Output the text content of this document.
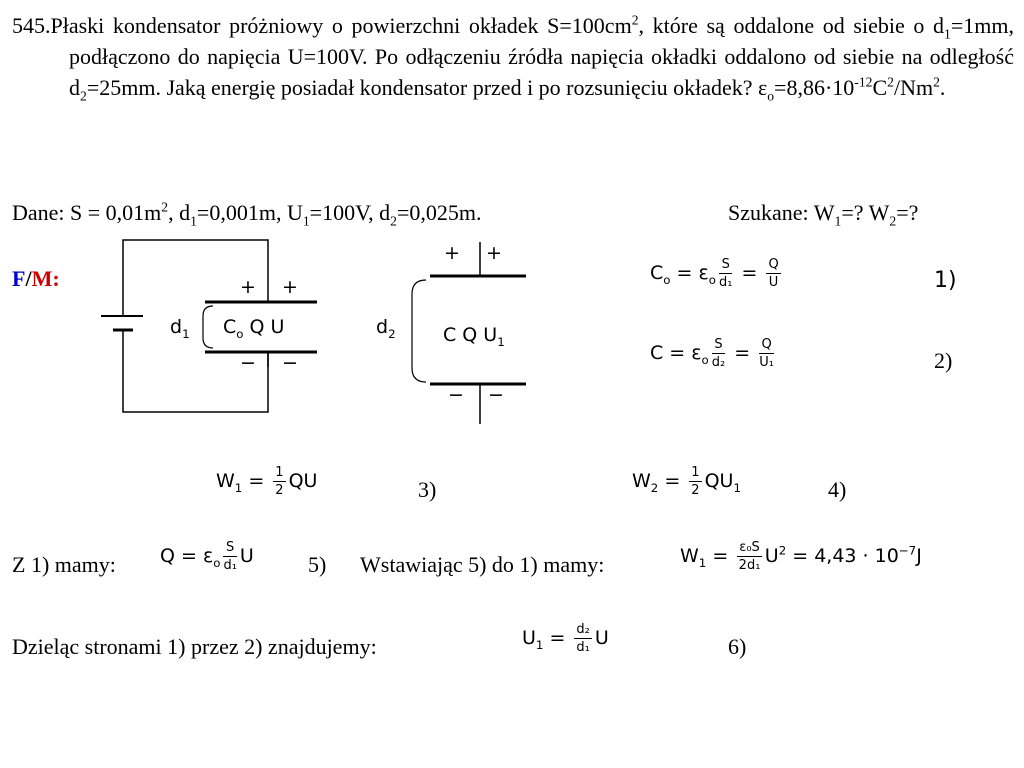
545.Płaski kondensator próżniowy o powierzchni okładek $S=100cm^2$, które są oddalone od siebie o $d_1=1mm$, podłączono do napięcia U=100V. Po odłączeniu źródła napięcia okładki oddalono od siebie na odległość $d_2=25mm$. Jaką energię posiadał kondensator przed i po rozsunięciu okładek? $\varepsilon_o=8,86\cdot 10^{-12}C^2/Nm^2$.
Dane: $S = 0,01m^2$, $d_1=0,001m$, $U_1=100V$, $d_2=0,025m$.	Szukane: $W_1=$? $W_2=$?
F/M:	+ +
− −
$d_1$ $C_o$ Q U
+ +
− −
$d_2$ C Q $U_1$
$C_o = \varepsilon_o \frac{S}{\text{d₁}} = \frac{Q}{U}$	1)
$C = \varepsilon_o \frac{S}{\text{d₂}} = \frac{Q}{\text{U₁}}$	2)
$W_1 = \frac{1}{2}$ QU	3)	$W_2 = \frac{1}{2} QU_1$	4)
Z 1) mamy: $Q = \varepsilon_o \frac{S}{\text{d₁}}$ U 5) Wstawiając 5) do 1) mamy:	$W_1 = \frac{\text{ε₀S}}{\text{2d₁}} U^2 = 4,43 \cdot 10^{-7}J$
Dzieląc stronami 1) przez 2) znajdujemy:	$U_1 = \frac{\text{d₂}}{\text{d₁}}$ U	6)
